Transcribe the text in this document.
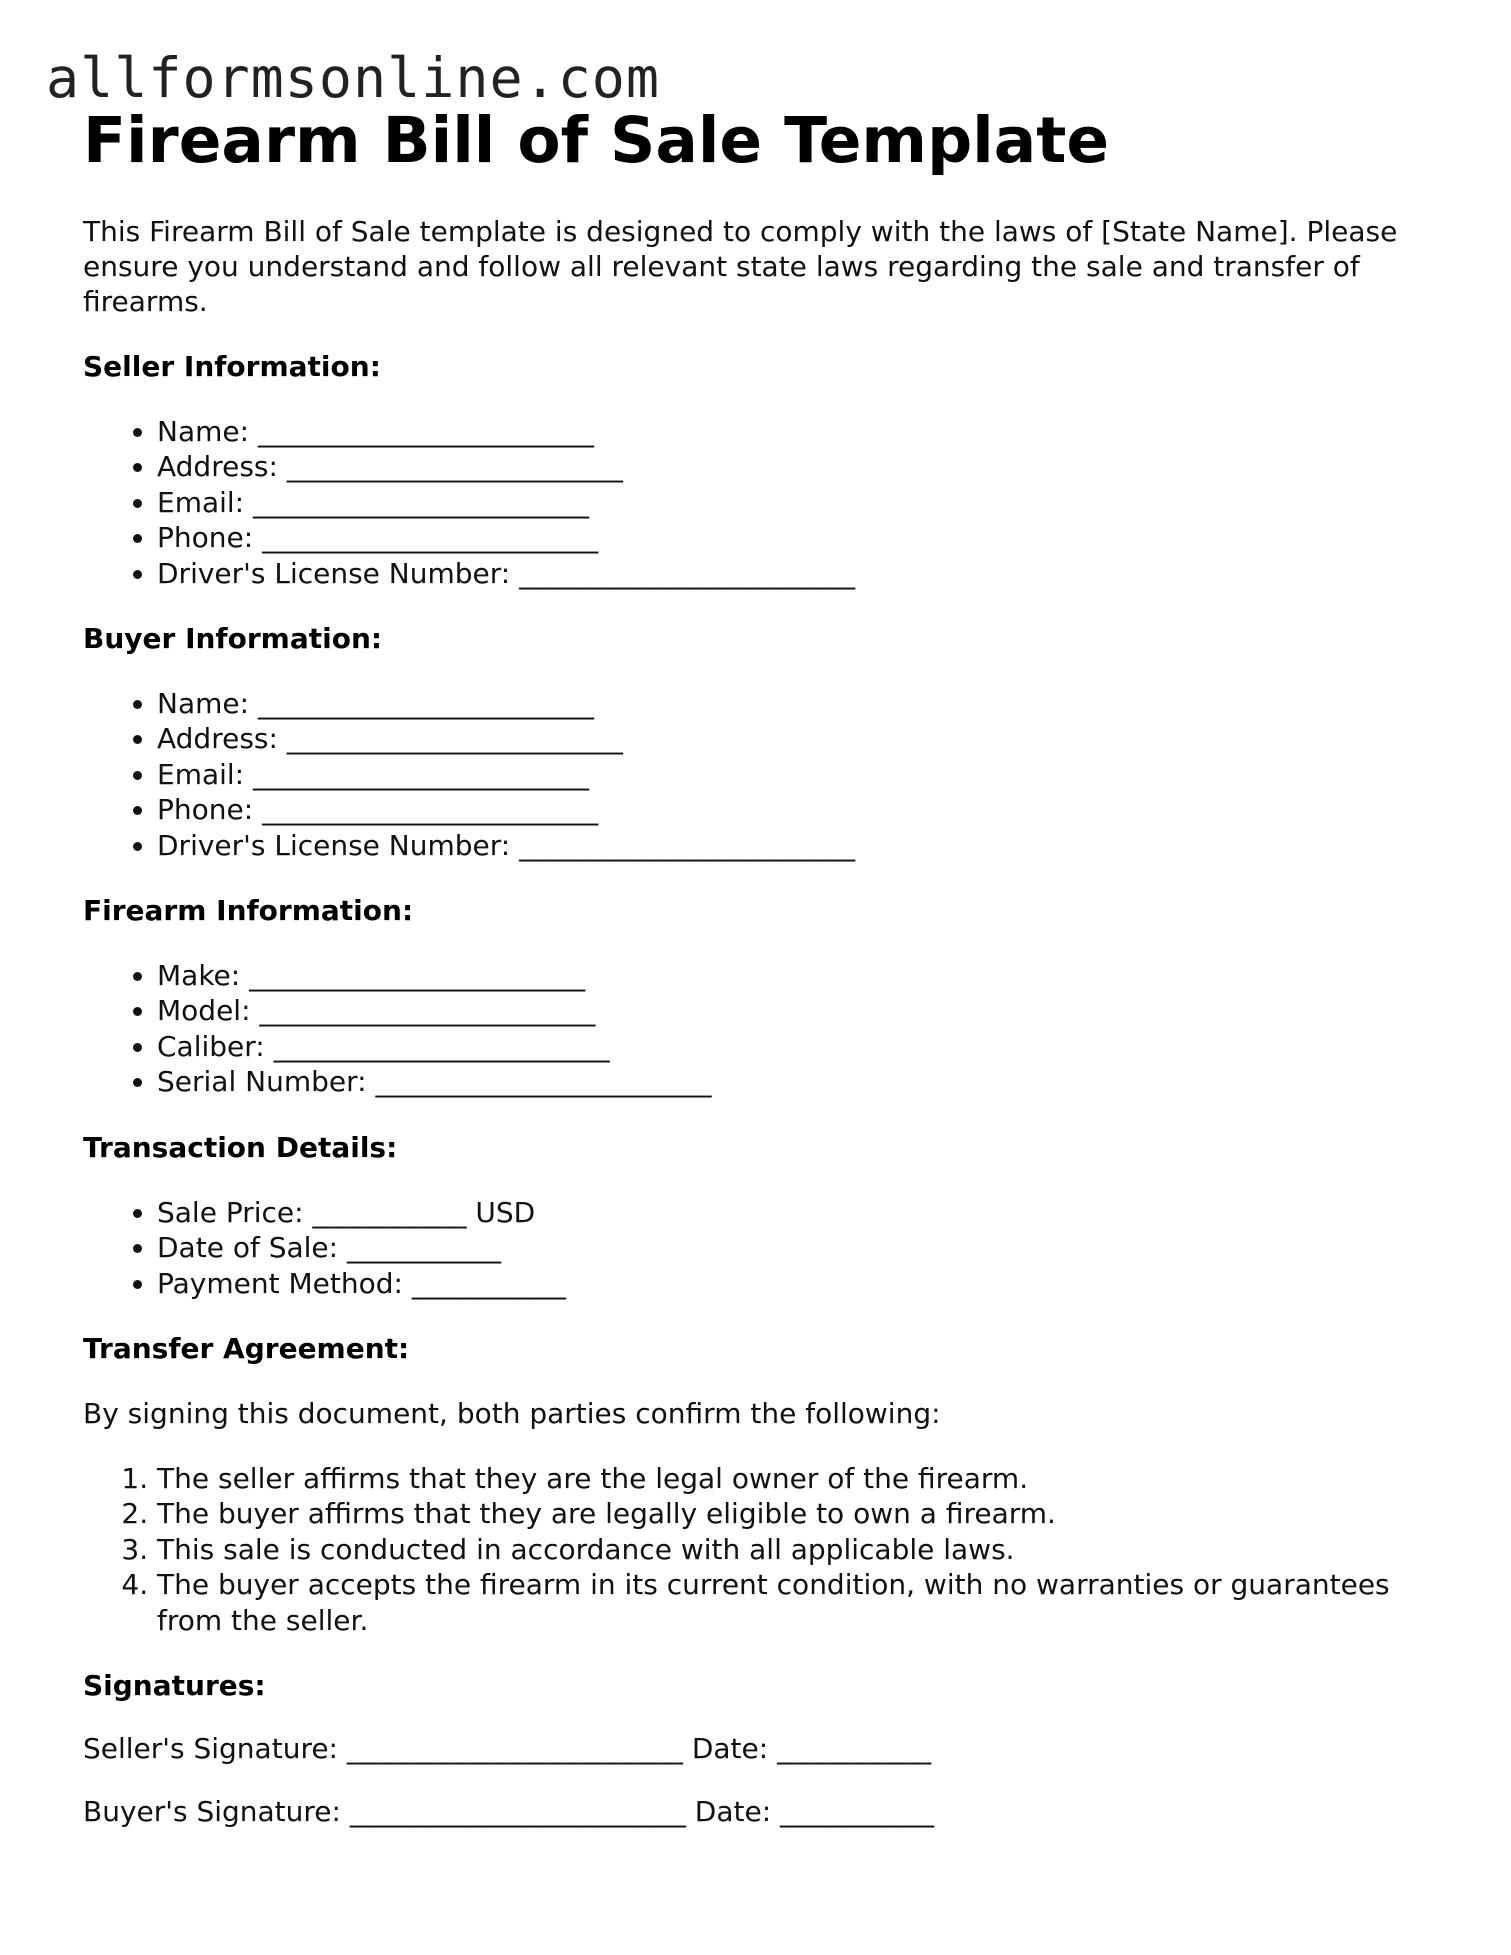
allformsonline.com
Firearm Bill of Sale Template

This Firearm Bill of Sale template is designed to comply with the laws of [State Name]. Please ensure you understand and follow all relevant state laws regarding the sale and transfer of firearms.

Seller Information:
• Name: ________________________
• Address: ________________________
• Email: ________________________
• Phone: ________________________
• Driver's License Number: ________________________
Buyer Information:
• Name: ________________________
• Address: ________________________
• Email: ________________________
• Phone: ________________________
• Driver's License Number: ________________________
Firearm Information:
• Make: ________________________
• Model: ________________________
• Caliber: ________________________
• Serial Number: ________________________
Transaction Details:
• Sale Price: ___________ USD
• Date of Sale: ___________
• Payment Method: ___________
Transfer Agreement:

By signing this document, both parties confirm the following:

1. The seller affirms that they are the legal owner of the firearm.
2. The buyer affirms that they are legally eligible to own a firearm.
3. This sale is conducted in accordance with all applicable laws.
4. The buyer accepts the firearm in its current condition, with no warranties or guarantees from the seller.
Signatures:
Seller's Signature: ________________________ Date: ___________
Buyer's Signature: ________________________ Date: ___________
